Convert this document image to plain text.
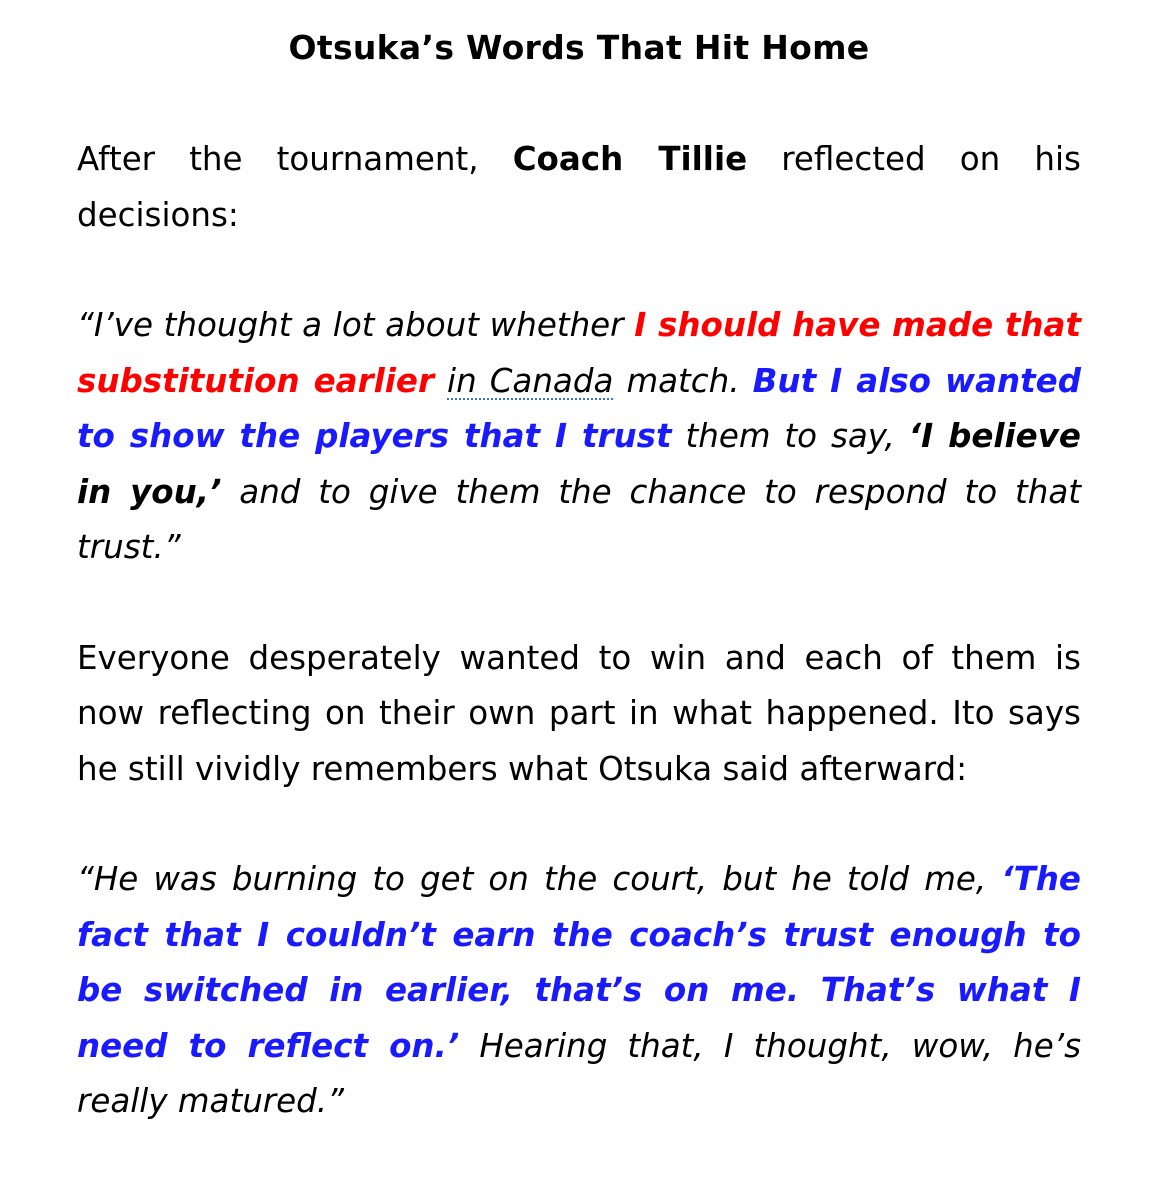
Otsuka’s Words That Hit Home

After the tournament, Coach Tillie reflected on his decisions:

“I’ve thought a lot about whether I should have made that substitution earlier in Canada match. But I also wanted to show the players that I trust them to say, ‘I believe in you,’ and to give them the chance to respond to that trust.”

Everyone desperately wanted to win and each of them is now reflecting on their own part in what happened. Ito says he still vividly remembers what Otsuka said afterward:

“He was burning to get on the court, but he told me, ‘The fact that I couldn’t earn the coach’s trust enough to be switched in earlier, that’s on me. That’s what I need to reflect on.’ Hearing that, I thought, wow, he’s really matured.”
